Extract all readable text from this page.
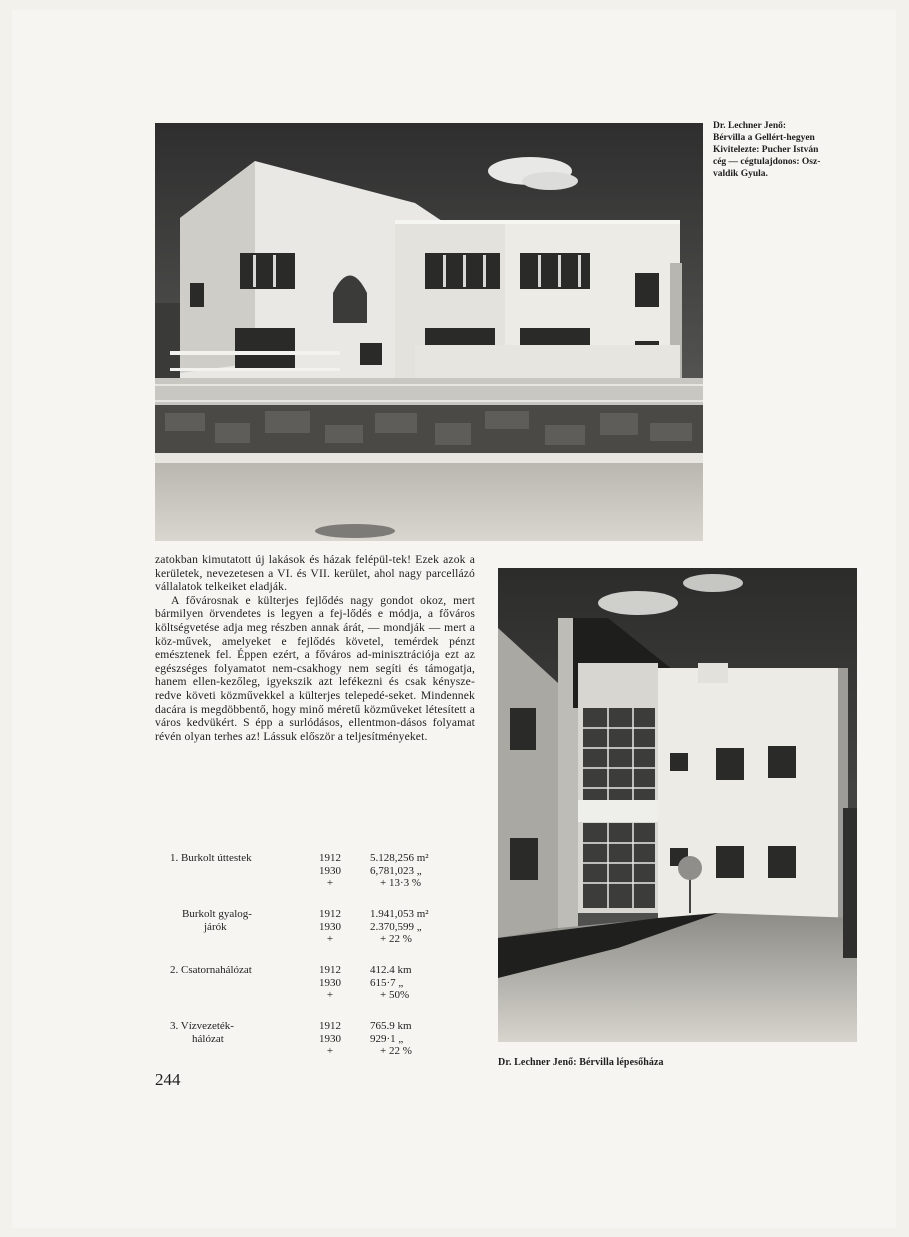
Dr. Lechner Jenő:
Bérvilla a Gellért-hegyen
Kivitelezte: Pucher István
cég — cégtulajdonos: Osz-
valdik Gyula.

zatokban kimutatott új lakások és házak felépül-tek! Ezek azok a kerületek, nevezetesen a VI. és VII. kerület, ahol nagy parcellázó vállalatok telkeiket eladják.

A fővárosnak e külterjes fejlődés nagy gondot okoz, mert bármilyen örvendetes is legyen a fej-lődés e módja, a főváros költségvetése adja meg részben annak árát, — mondják — mert a köz-művek, amelyeket e fejlődés követel, temérdek pénzt emésztenek fel. Éppen ezért, a főváros ad-minisztrációja ezt az egészséges folyamatot nem-csakhogy nem segíti és támogatja, hanem ellen-kezőleg, igyekszik azt lefékezni és csak kénysze-redve követi közművekkel a külterjes telepedé-seket. Mindennek dacára is megdöbbentő, hogy minő méretű közműveket létesített a város kedvükért. S épp a surlódásos, ellentmon-dásos folyamat révén olyan terhes az! Lássuk először a teljesítményeket.

1. Burkolt úttestek	1912
1930
+
5.128,256 m²
6,781,023 „
+ 13·3 %
Burkolt gyalog-
járók
1912
1930
+
1.941,053 m²
2.370,599 „
+ 22 %
2. Csatornahálózat	1912
1930
+
412.4 km
615·7 „
+ 50%
3. Vízvezeték-
hálózat
1912
1930
+
765.9 km
929·1 „
+ 22 %
Dr. Lechner Jenő: Bérvilla lépesőháza
244
